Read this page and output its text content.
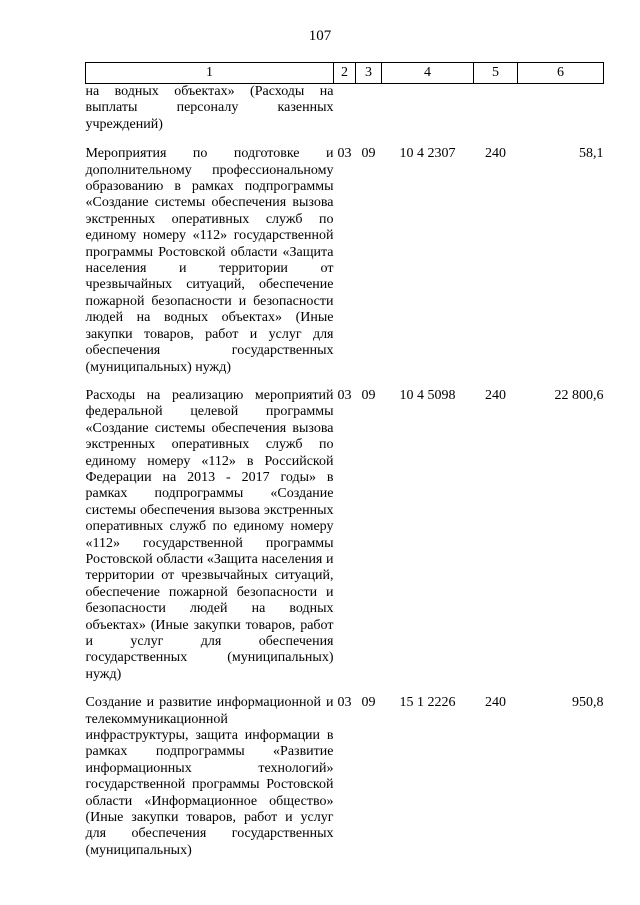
107
1	2	3	4	5	6
на водных объектах» (Расходы на выплаты персоналу казенных учреждений)					
Мероприятия по подготовке и дополнительному профессиональному образованию в рамках подпрограммы «Создание системы обеспечения вызова экстренных оперативных служб по единому номеру «112» государственной программы Ростовской области «Защита населения и территории от чрезвычайных ситуаций, обеспечение пожарной безопасности и безопасности людей на водных объектах» (Иные закупки товаров, работ и услуг для обеспечения государственных (муниципальных) нужд)	03	09	10 4 2307	240	58,1
Расходы на реализацию мероприятий федеральной целевой программы «Создание системы обеспечения вызова экстренных оперативных служб по единому номеру «112» в Российской Федерации на 2013 - 2017 годы» в рамках подпрограммы «Создание системы обеспечения вызова экстренных оперативных служб по единому номеру «112» государственной программы Ростовской области «Защита населения и территории от чрезвычайных ситуаций, обеспечение пожарной безопасности и безопасности людей на водных объектах» (Иные закупки товаров, работ и услуг для обеспечения государственных (муниципальных) нужд)	03	09	10 4 5098	240	22 800,6
Создание и развитие информационной и телекоммуникационной инфраструктуры, защита информации в рамках подпрограммы «Развитие информационных технологий» государственной программы Ростовской области «Информационное общество» (Иные закупки товаров, работ и услуг для обеспечения государственных (муниципальных)	03	09	15 1 2226	240	950,8
